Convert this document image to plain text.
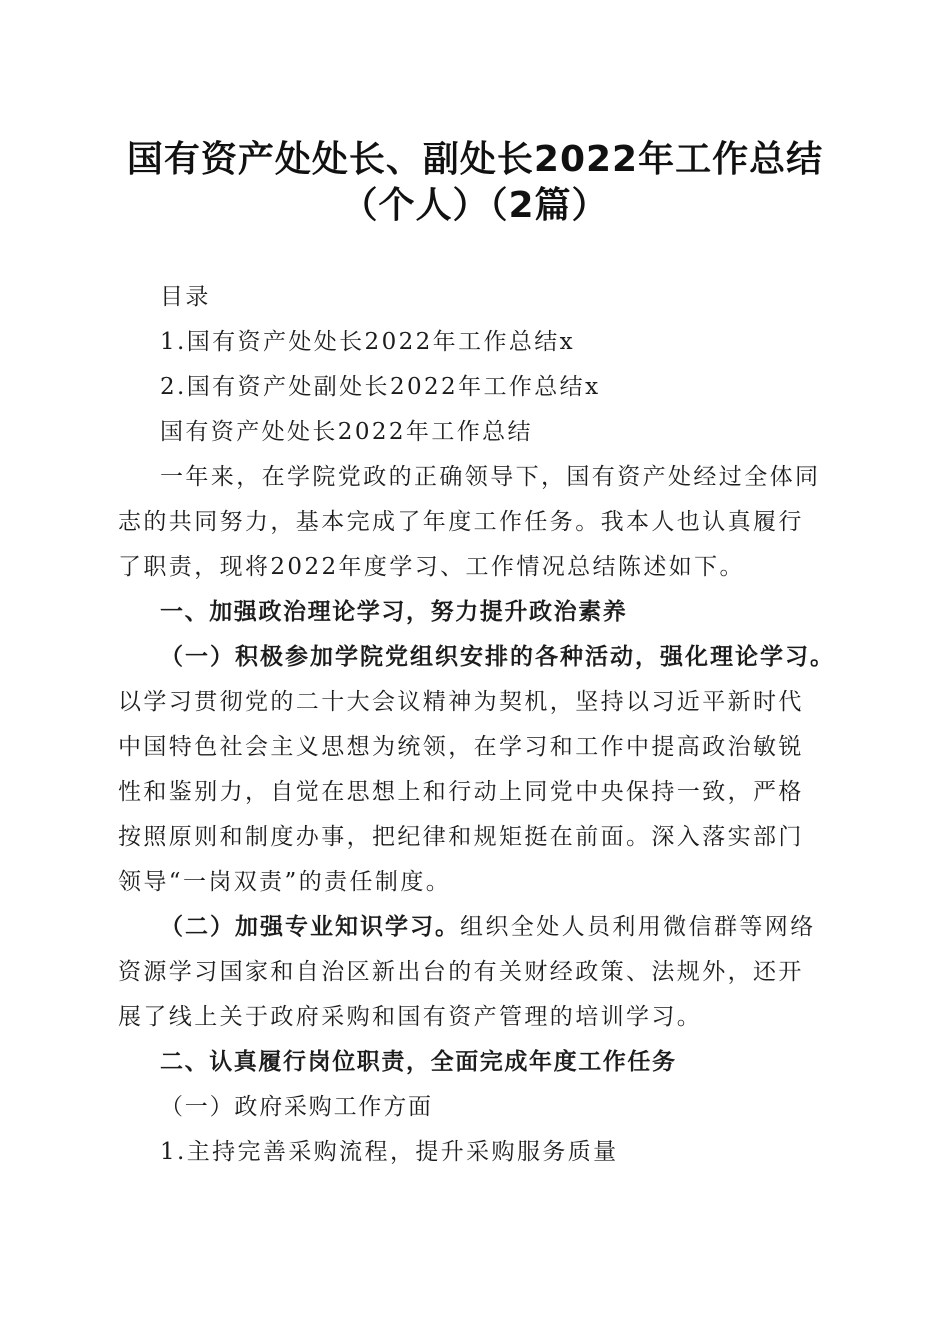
国有资产处处长、副处长2022年工作总结
（个人）（2篇）
目录
1.国有资产处处长2022年工作总结x
2.国有资产处副处长2022年工作总结x
国有资产处处长2022年工作总结
一年来，在学院党政的正确领导下，国有资产处经过全体同
志的共同努力，基本完成了年度工作任务。我本人也认真履行
了职责，现将2022年度学习、工作情况总结陈述如下。
一、加强政治理论学习，努力提升政治素养
（一）积极参加学院党组织安排的各种活动，强化理论学习。
以学习贯彻党的二十大会议精神为契机，坚持以习近平新时代
中国特色社会主义思想为统领，在学习和工作中提高政治敏锐
性和鉴别力，自觉在思想上和行动上同党中央保持一致，严格
按照原则和制度办事，把纪律和规矩挺在前面。深入落实部门
领导“一岗双责”的责任制度。
（二）加强专业知识学习。组织全处人员利用微信群等网络
资源学习国家和自治区新出台的有关财经政策、法规外，还开
展了线上关于政府采购和国有资产管理的培训学习。
二、认真履行岗位职责，全面完成年度工作任务
（一）政府采购工作方面
1.主持完善采购流程，提升采购服务质量
